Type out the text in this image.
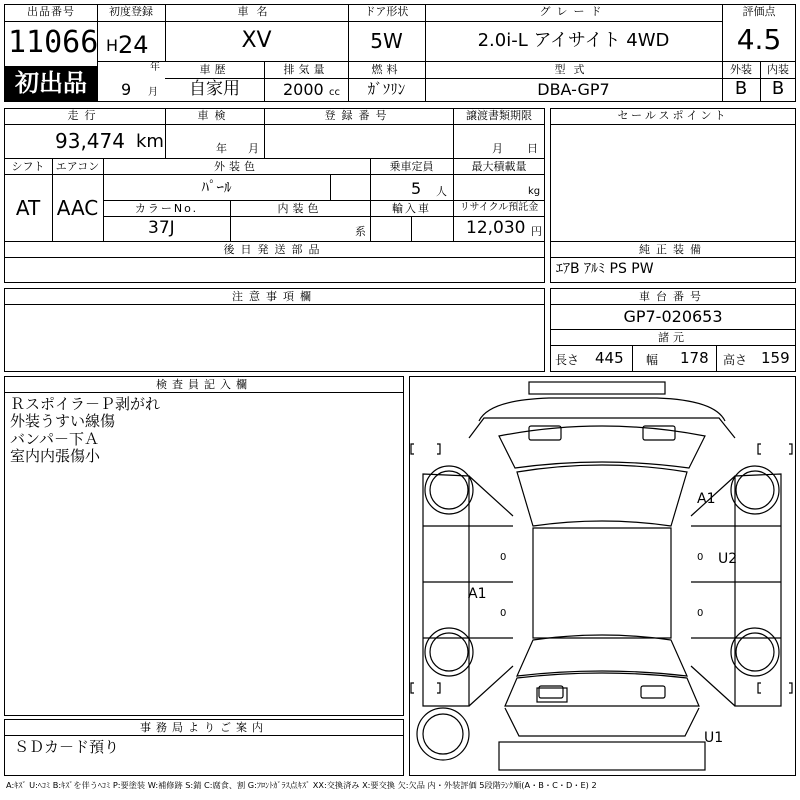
出品番号
11066
初出品
初度登録
H 24
年
9 月
車名
XV
ドア形状
5W
グレード
2.0i-L アイサイト 4WD
評価点
4.5
外装	内装
B	B
車歴
自家用
排気量
2000 cc
燃料
ｶﾞｿﾘﾝ
型式
DBA-GP7
走行
93,474 km
車検
年 月
登録番号	譲渡書類期限
月 日
シフト
AT
エアコン
AAC
外装色
ﾊﾟｰﾙ
乗車定員
5 人
最大積載量
kg
カラーNo.
37J
内装色
系
輸入車	リサイクル預託金
12,030 円
セールスポイント
後日発送部品	純正装備
ｴｱB ｱﾙﾐ PS PW
注意事項欄	車台番号
GP7-020653
諸元
長さ 445 幅 178 高さ 159
検査員記入欄
Ｒスポイラ－Ｐ剥がれ
外装うすい線傷
バンパ－下Ａ
室内内張傷小
事務局よりご案内
ＳＤカ－ド預り
A1
U2
A1
U1
0	0
0	0
A:ｷｽﾞ U:ﾍｺﾐ B:ｷｽﾞを伴うﾍｺﾐ P:要塗装 W:補修跡 S:錆 C:腐食、割 G:ﾌﾛﾝﾄｶﾞﾗｽ点ｷｽﾞ XX:交換済み X:要交換 欠:欠品 内・外装評価 5段階ﾗﾝｸ順(A・B・C・D・E) 2
